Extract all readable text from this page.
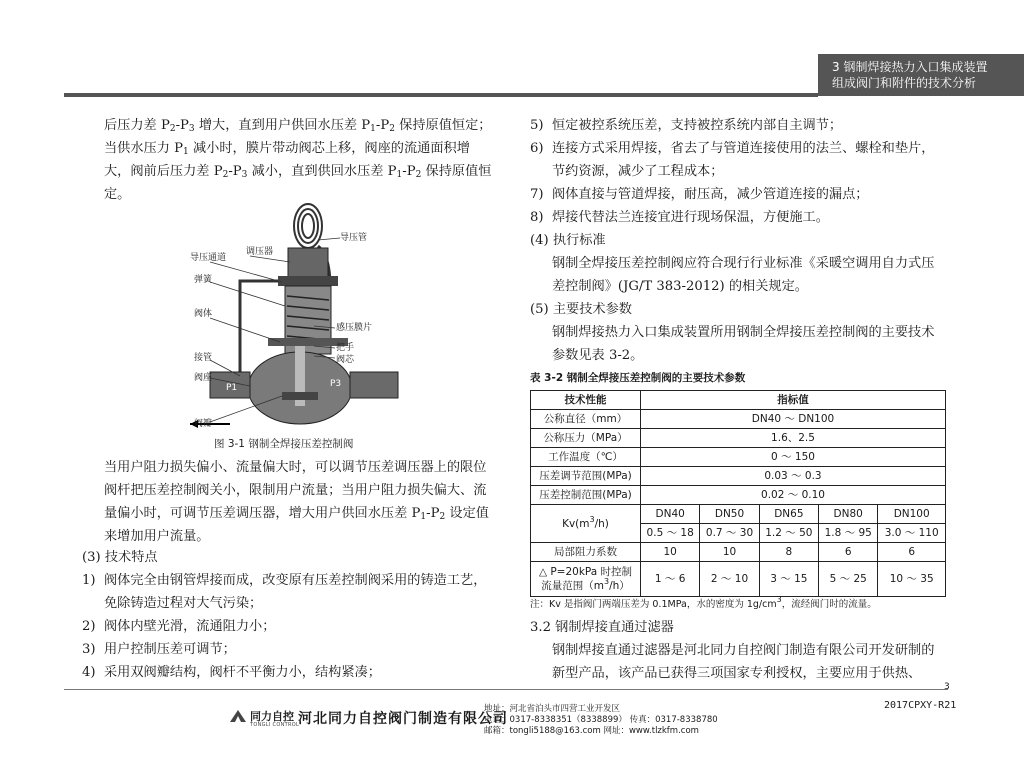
3 钢制焊接热力入口集成装置
组成阀门和附件的技术分析

后压力差 $P_2-P_3$ 增大，直到用户供回水压差 $P_1-P_2$ 保持原值恒定；当供水压力 $P_1$ 减小时，膜片带动阀芯上移，阀座的流通面积增大，阀前后压力差 $P_2-P_3$ 减小，直到供回水压差 $P_1-P_2$ 保持原值恒定。

导压通道
调压器
导压管
弹簧
阀体
接管
阀座
阀瓣
感压膜片
把手
阀芯
P1	P3
图 3-1 钢制全焊接压差控制阀

当用户阻力损失偏小、流量偏大时，可以调节压差调压器上的限位阀杆把压差控制阀关小，限制用户流量；当用户阻力损失偏大、流量偏小时，可调节压差调压器，增大用户供回水压差 $P_1-P_2$ 设定值来增加用户流量。

(3) 技术特点

1) 阀体完全由钢管焊接而成，改变原有压差控制阀采用的铸造工艺，免除铸造过程对大气污染；

2) 阀体内壁光滑，流通阻力小；

3) 用户控制压差可调节；

4) 采用双阀瓣结构，阀杆不平衡力小，结构紧凑；

5) 恒定被控系统压差，支持被控系统内部自主调节；

6) 连接方式采用焊接，省去了与管道连接使用的法兰、螺栓和垫片，节约资源，减少了工程成本；

7) 阀体直接与管道焊接，耐压高，减少管道连接的漏点；

8) 焊接代替法兰连接宜进行现场保温，方便施工。

(4) 执行标准

钢制全焊接压差控制阀应符合现行行业标准《采暖空调用自力式压差控制阀》(JG/T 383-2012) 的相关规定。

(5) 主要技术参数

钢制焊接热力入口集成装置所用钢制全焊接压差控制阀的主要技术参数见表 3-2。

表 3-2 钢制全焊接压差控制阀的主要技术参数
技术性能	指标值				
公称直径（mm）	DN40 ～ DN100				
公称压力（MPa）	1.6、2.5				
工作温度（℃）	0 ～ 150				
压差调节范围(MPa)	0.03 ～ 0.3				
压差控制范围(MPa)	0.02 ～ 0.10				
$Kv(m^3/h)$	DN40	DN50	DN65	DN80	DN100
	0.5 ～ 18	0.7 ～ 30	1.2 ～ 50	1.8 ～ 95	3.0 ～ 110
局部阻力系数	10	10	8	6	6
△ P=20kPa 时控制
流量范围$(m^3/h)$	1 ～ 6	2 ～ 10	3 ～ 15	5 ～ 25	10 ～ 35
注：Kv 是指阀门两端压差为 0.1MPa，水的密度为 $1g/cm^3$，流经阀门时的流量。

3.2 钢制焊接直通过滤器

钢制焊接直通过滤器是河北同力自控阀门制造有限公司开发研制的新型产品，该产品已获得三项国家专利授权，主要应用于供热、

3
2017CPXY-R21
同力自控
TONGLI CONTROL
河北同力自控阀门制造有限公司
地址：河北省泊头市四营工业开发区
电话：0317-8338351（8338899） 传真：0317-8338780
邮箱：tongli5188@163.com 网址：www.tlzkfm.com
